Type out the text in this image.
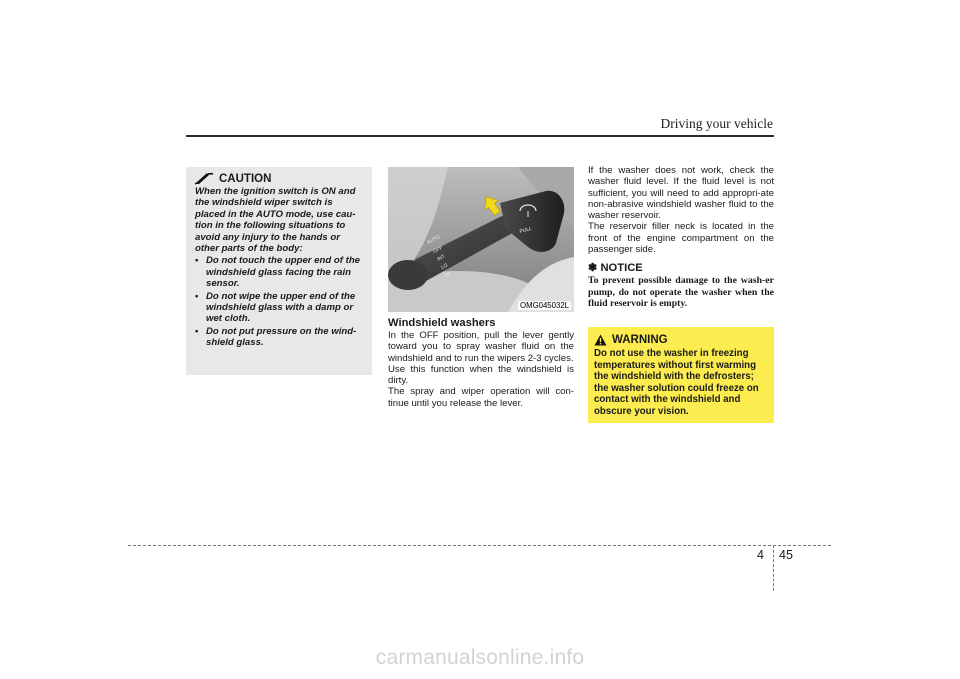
Driving your vehicle
CAUTION

When the ignition switch is ON and the windshield wiper switch is placed in the AUTO mode, use cau-tion in the following situations to avoid any injury to the hands or other parts of the body:

• Do not touch the upper end of the windshield glass facing the rain sensor.
• Do not wipe the upper end of the windshield glass with a damp or wet cloth.
• Do not put pressure on the wind-shield glass.
AUTO
OFF
INT
LO
HI
PULL
OMG045032L

Windshield washers

In the OFF position, pull the lever gently toward you to spray washer fluid on the windshield and to run the wipers 2-3 cycles.

Use this function when the windshield is dirty.

The spray and wiper operation will con-tinue until you release the lever.

If the washer does not work, check the washer fluid level. If the fluid level is not sufficient, you will need to add appropri-ate non-abrasive windshield washer fluid to the washer reservoir.

The reservoir filler neck is located in the front of the engine compartment on the passenger side.

✽ NOTICE

To prevent possible damage to the wash-er pump, do not operate the washer when the fluid reservoir is empty.

WARNING

Do not use the washer in freezing temperatures without first warming the windshield with the defrosters; the washer solution could freeze on contact with the windshield and obscure your vision.

4 45
carmanualsonline.info
